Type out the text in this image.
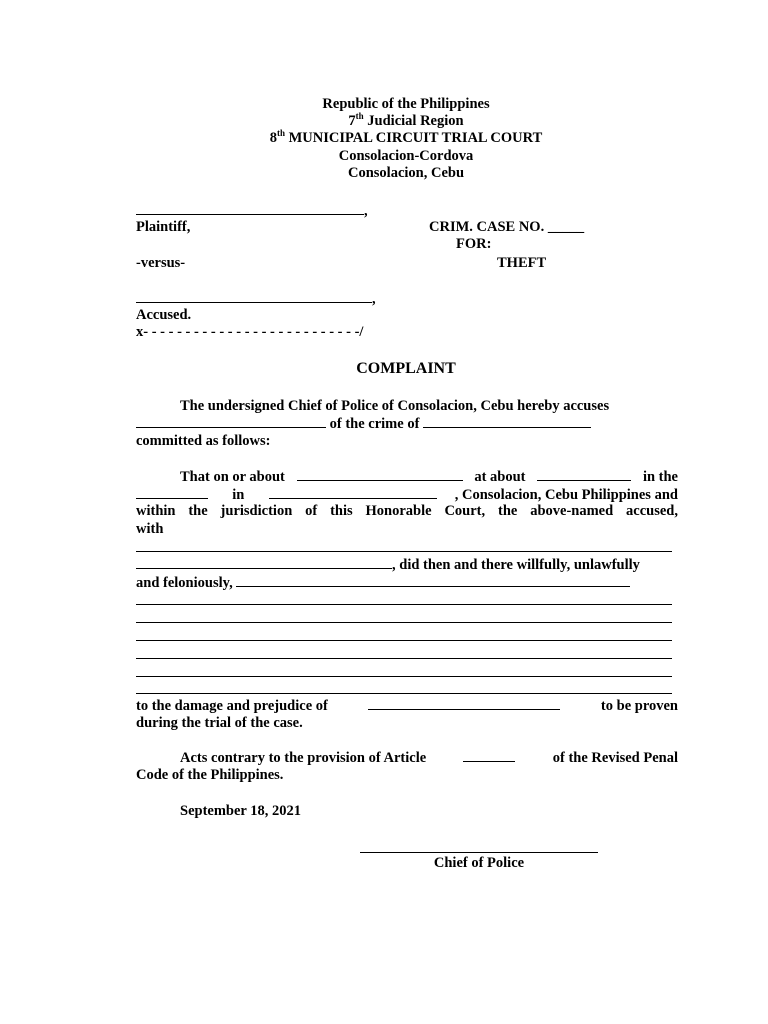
Republic of the Philippines
7th Judicial Region
8th MUNICIPAL CIRCUIT TRIAL COURT
Consolacion-Cordova
Consolacion, Cebu
,
Plaintiff,
-versus-
,
Accused.
x- - - - - - - - - - - - - - - - - - - - - - - - - -/
CRIM. CASE NO. _____
FOR:
THEFT
COMPLAINT
The undersigned Chief of Police of Consolacion, Cebu hereby accuses
of the crime of
committed as follows:
That on or about	at about	in the
in	, Consolacion, Cebu Philippines and
within the jurisdiction of this Honorable Court, the above-named accused,
with
, did then and there willfully, unlawfully
and feloniously,
to the damage and prejudice of	to be proven
during the trial of the case.
Acts contrary to the provision of Article	of the Revised Penal
Code of the Philippines.
September 18, 2021
Chief of Police
